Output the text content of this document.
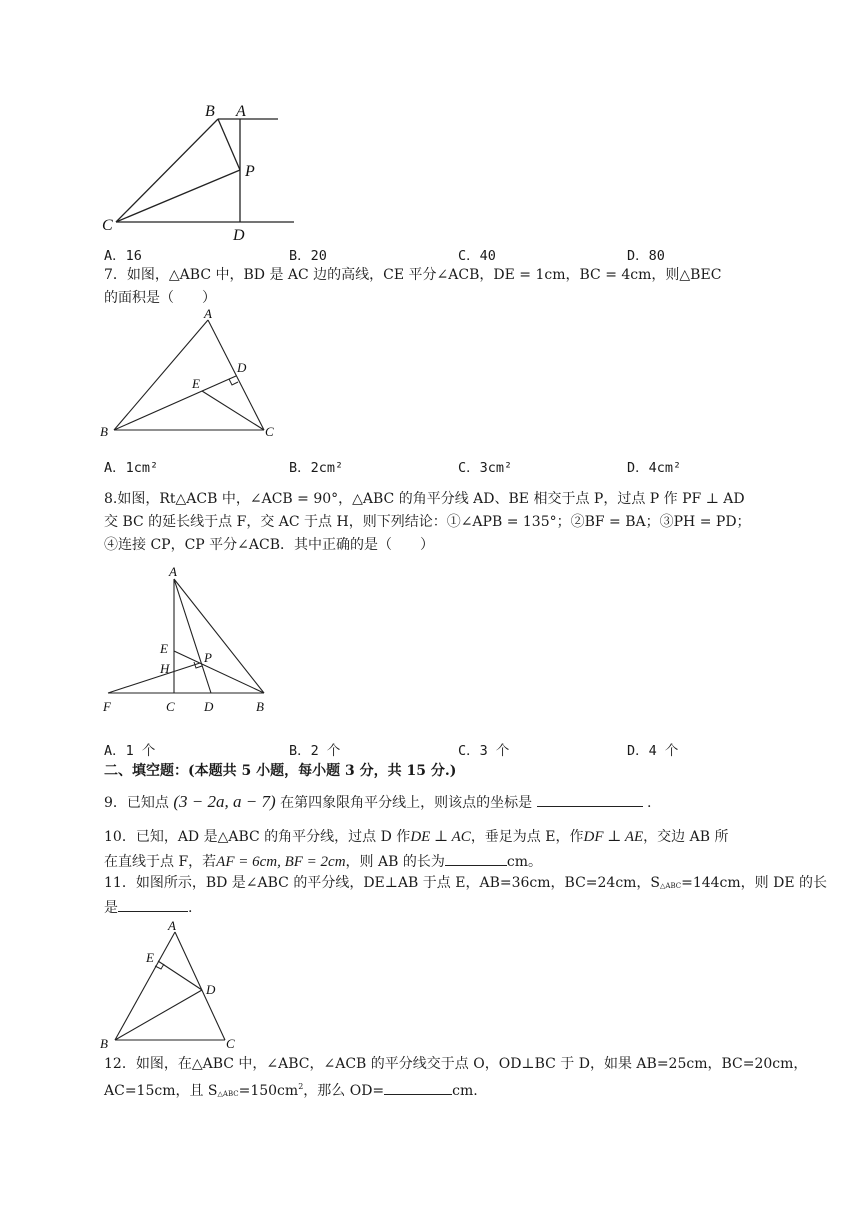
B A
P
C
D
A．16	B．20	C．40	D．80
7．如图，△ABC 中，BD 是 AC 边的高线，CE 平分∠ACB，DE = 1cm，BC = 4cm，则△BEC
的面积是（　　）
A
D
E
B	C
A．1cm²	B．2cm²	C．3cm²	D．4cm²
8.如图，Rt△ACB 中，∠ACB = 90°，△ABC 的角平分线 AD、BE 相交于点 P，过点 P 作 PF ⊥ AD
交 BC 的延长线于点 F，交 AC 于点 H，则下列结论：①∠APB = 135°；②BF = BA；③PH = PD；
④连接 CP，CP 平分∠ACB．其中正确的是（　　）
A
E
P
H
F	C D	B
A．1 个	B．2 个	C．3 个	D．4 个
二、填空题：(本题共 5 小题，每小题 3 分，共 15 分.)
9．已知点 (3 − 2a, a − 7) 在第四象限角平分线上，则该点的坐标是	.
10．已知，AD 是△ABC 的角平分线，过点 D 作DE ⊥ AC，垂足为点 E，作DF ⊥ AE，交边 AB 所
在直线于点 F，若AF = 6cm, BF = 2cm，则 AB 的长为	cm。
11．如图所示，BD 是∠ABC 的平分线，DE⊥AB 于点 E，AB=36cm，BC=24cm，S△ABC=144cm，则 DE 的长
是	.
A
E
D
B	C
12．如图，在△ABC 中，∠ABC，∠ACB 的平分线交于点 O，OD⊥BC 于 D，如果 AB=25cm，BC=20cm，
AC=15cm，且 $S\triangle ABC=150cm^2$，那么 OD=	cm.
